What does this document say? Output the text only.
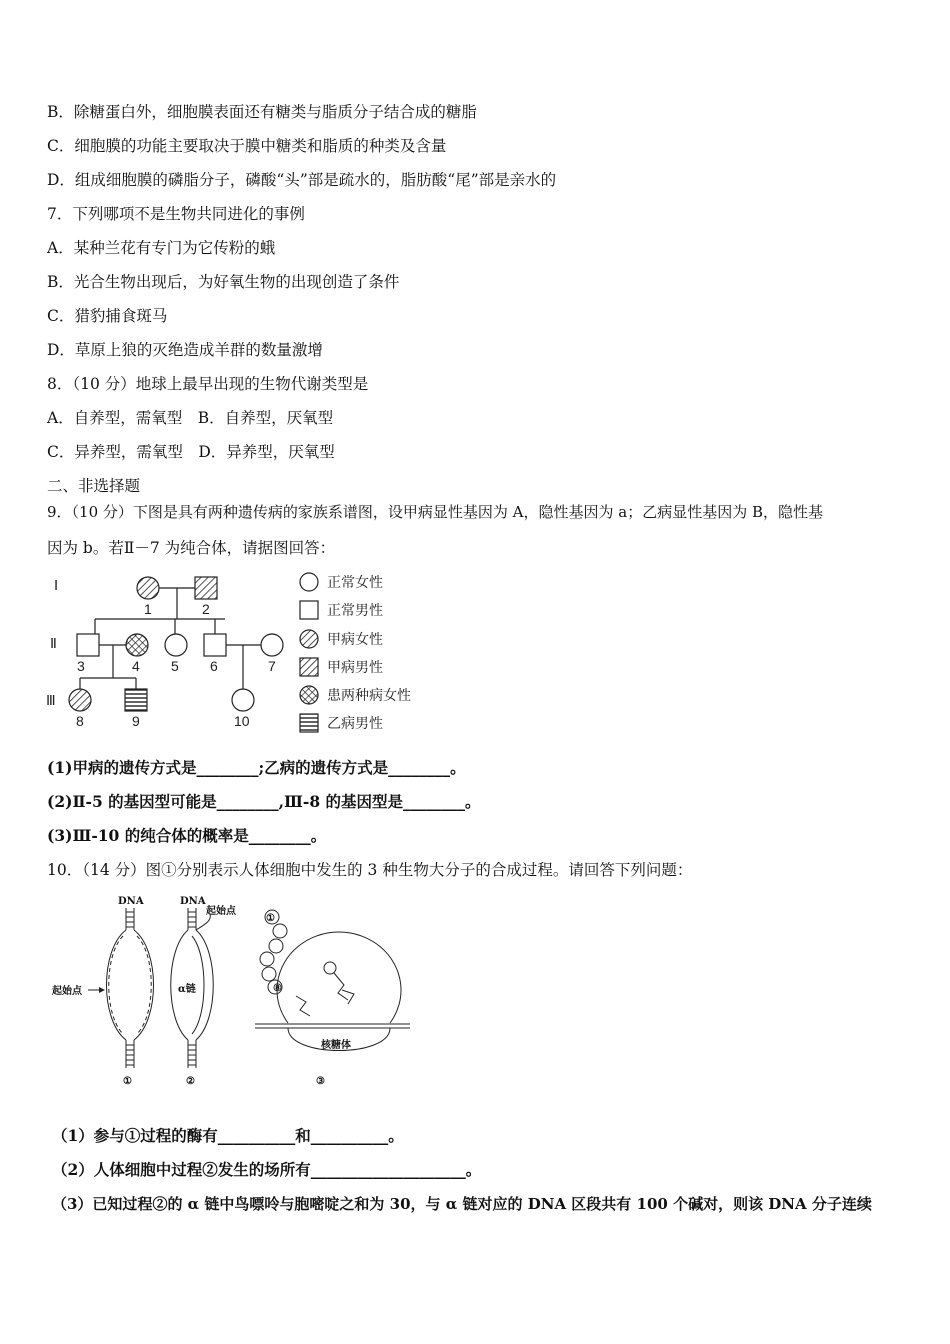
B．除糖蛋白外，细胞膜表面还有糖类与脂质分子结合成的糖脂
C．细胞膜的功能主要取决于膜中糖类和脂质的种类及含量
D．组成细胞膜的磷脂分子，磷酸“头”部是疏水的，脂肪酸“尾”部是亲水的
7．下列哪项不是生物共同进化的事例
A．某种兰花有专门为它传粉的蛾
B．光合生物出现后，为好氧生物的出现创造了条件
C．猎豹捕食斑马
D．草原上狼的灭绝造成羊群的数量激增
8．（10 分）地球上最早出现的生物代谢类型是
A．自养型，需氧型　B．自养型，厌氧型
C．异养型，需氧型　D．异养型，厌氧型
二、非选择题
9．（10 分）下图是具有两种遗传病的家族系谱图，设甲病显性基因为 A，隐性基因为 a；乙病显性基因为 B，隐性基
因为 b。若Ⅱ－7 为纯合体，请据图回答：
Ⅰ
Ⅱ
Ⅲ
1	2
3	4 5 6	7
8	9	10
正常女性
正常男性
甲病女性
甲病男性
患两种病女性
乙病男性
(1)甲病的遗传方式是________;乙病的遗传方式是________。
(2)Ⅱ-5 的基因型可能是________,Ⅲ-8 的基因型是________。
(3)Ⅲ-10 的纯合体的概率是________。
10．（14 分）图①分别表示人体细胞中发生的 3 种生物大分子的合成过程。请回答下列问题：
DNA
起始点
①
DNA
起始点
α链
②
①
⑧
核糖体
③
（1）参与①过程的酶有__________和__________。
（2）人体细胞中过程②发生的场所有____________________。
（3）已知过程②的 α 链中鸟嘌呤与胞嘧啶之和为 30，与 α 链对应的 DNA 区段共有 100 个碱对，则该 DNA 分子连续
